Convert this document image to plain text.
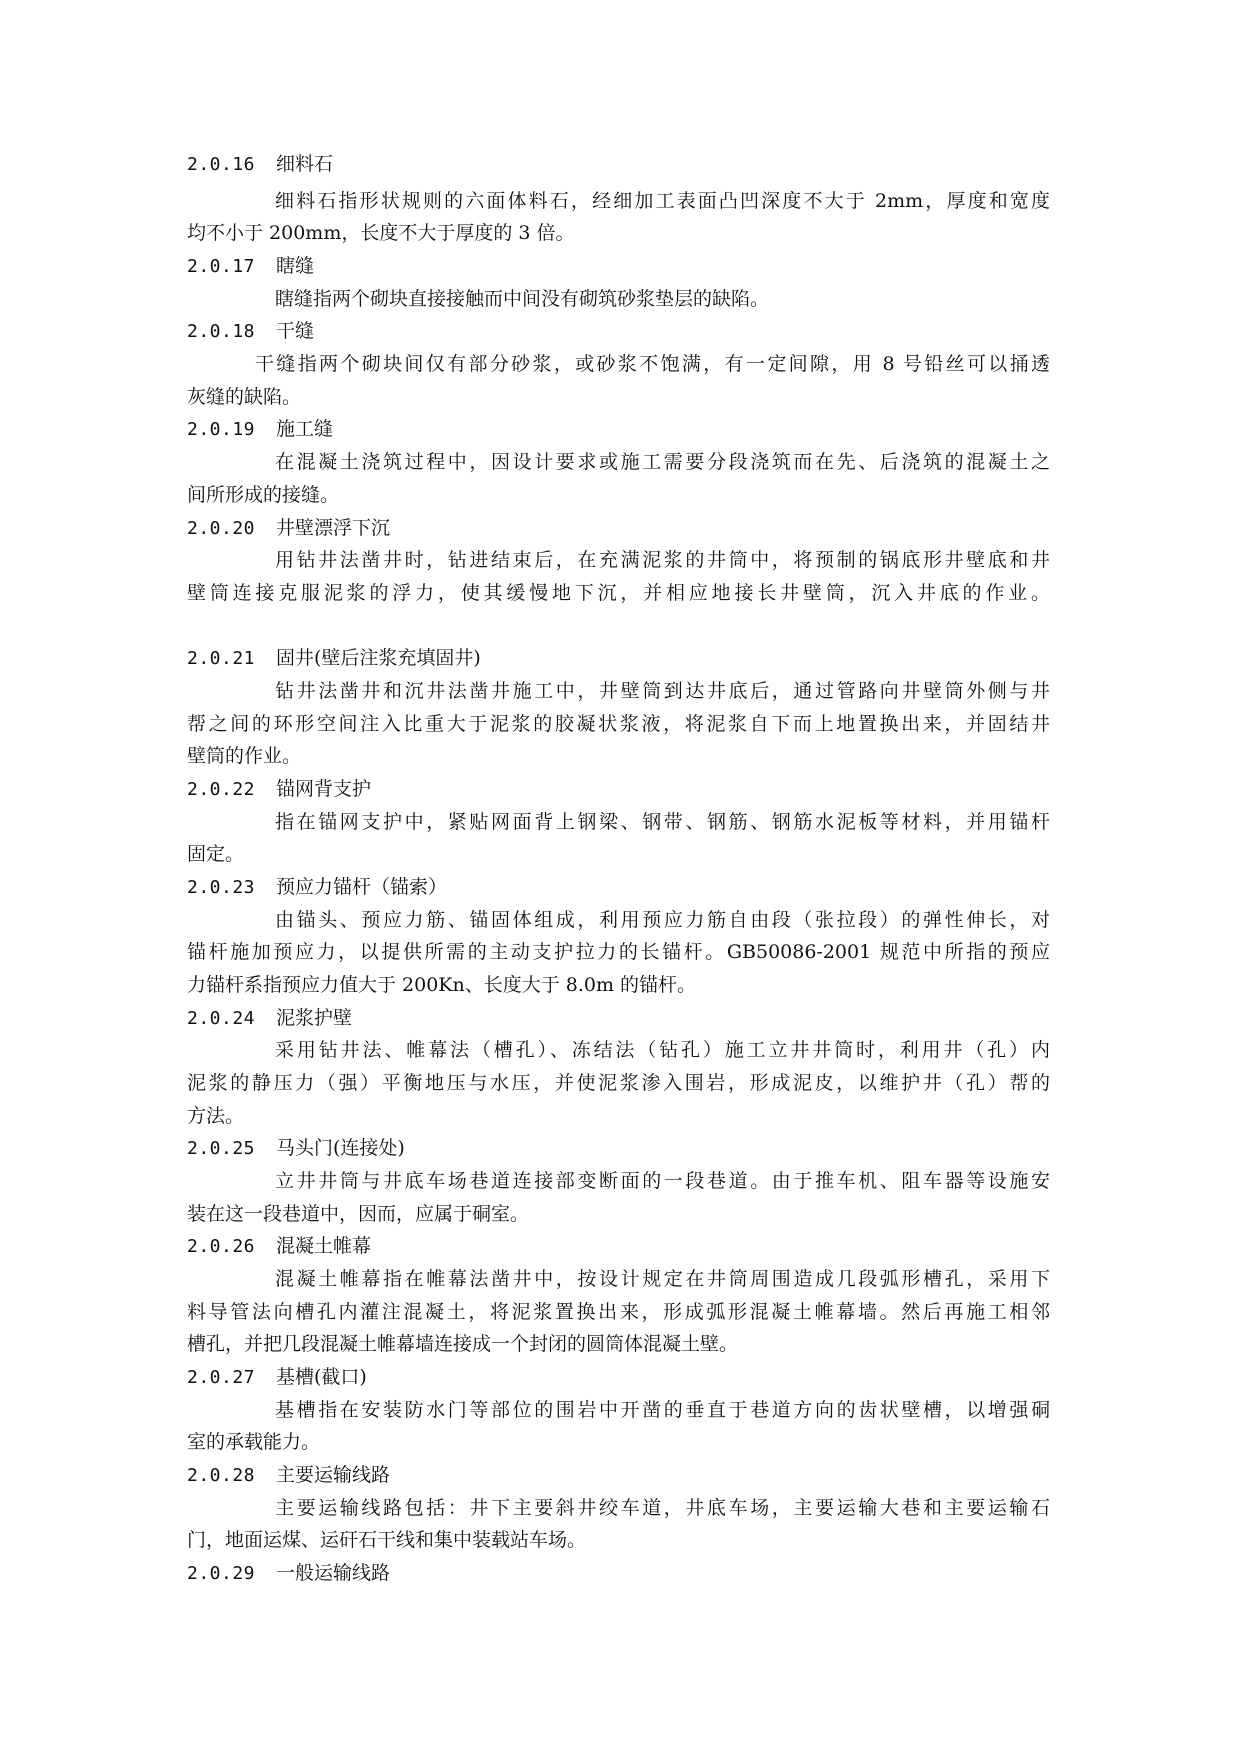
2.0.16 细料石
细料石指形状规则的六面体料石，经细加工表面凸凹深度不大于 2mm，厚度和宽度
均不小于 200mm，长度不大于厚度的 3 倍。
2.0.17 瞎缝
瞎缝指两个砌块直接接触而中间没有砌筑砂浆垫层的缺陷。
2.0.18 干缝
干缝指两个砌块间仅有部分砂浆，或砂浆不饱满，有一定间隙，用 8 号铅丝可以捅透
灰缝的缺陷。
2.0.19 施工缝
在混凝土浇筑过程中，因设计要求或施工需要分段浇筑而在先、后浇筑的混凝土之
间所形成的接缝。
2.0.20 井壁漂浮下沉
用钻井法凿井时，钻进结束后，在充满泥浆的井筒中，将预制的锅底形井壁底和井
壁筒连接克服泥浆的浮力，使其缓慢地下沉，并相应地接长井壁筒，沉入井底的作业。
2.0.21 固井(壁后注浆充填固井)
钻井法凿井和沉井法凿井施工中，井壁筒到达井底后，通过管路向井壁筒外侧与井
帮之间的环形空间注入比重大于泥浆的胶凝状浆液，将泥浆自下而上地置换出来，并固结井
壁筒的作业。
2.0.22 锚网背支护
指在锚网支护中，紧贴网面背上钢梁、钢带、钢筋、钢筋水泥板等材料，并用锚杆
固定。
2.0.23 预应力锚杆（锚索）
由锚头、预应力筋、锚固体组成，利用预应力筋自由段（张拉段）的弹性伸长，对
锚杆施加预应力，以提供所需的主动支护拉力的长锚杆。GB50086-2001 规范中所指的预应
力锚杆系指预应力值大于 200Kn、长度大于 8.0m 的锚杆。
2.0.24 泥浆护壁
采用钻井法、帷幕法（槽孔）、冻结法（钻孔）施工立井井筒时，利用井（孔）内
泥浆的静压力（强）平衡地压与水压，并使泥浆渗入围岩，形成泥皮，以维护井（孔）帮的
方法。
2.0.25 马头门(连接处)
立井井筒与井底车场巷道连接部变断面的一段巷道。由于推车机、阻车器等设施安
装在这一段巷道中，因而，应属于硐室。
2.0.26 混凝土帷幕
混凝土帷幕指在帷幕法凿井中，按设计规定在井筒周围造成几段弧形槽孔，采用下
料导管法向槽孔内灌注混凝土，将泥浆置换出来，形成弧形混凝土帷幕墙。然后再施工相邻
槽孔，并把几段混凝土帷幕墙连接成一个封闭的圆筒体混凝土壁。
2.0.27 基槽(截口)
基槽指在安装防水门等部位的围岩中开凿的垂直于巷道方向的齿状壁槽，以增强硐
室的承载能力。
2.0.28 主要运输线路
主要运输线路包括：井下主要斜井绞车道，井底车场，主要运输大巷和主要运输石
门，地面运煤、运矸石干线和集中装载站车场。
2.0.29 一般运输线路
